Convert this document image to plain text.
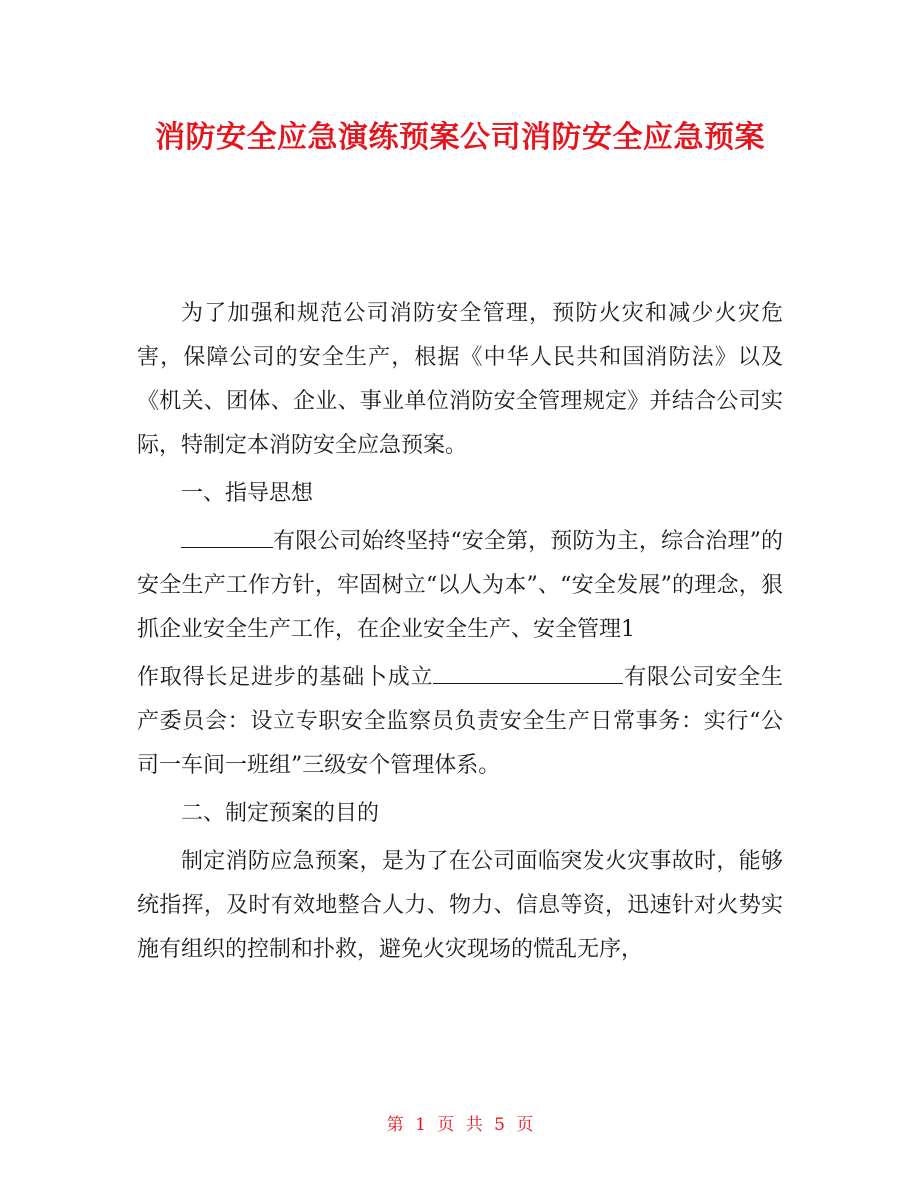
消防安全应急演练预案公司消防安全应急预案

为了加强和规范公司消防安全管理，预防火灾和减少火灾危害，保障公司的安全生产，根据《中华人民共和国消防法》以及《机关、团体、企业、事业单位消防安全管理规定》并结合公司实际，特制定本消防安全应急预案。

一、指导思想

有限公司始终坚持“安全第，预防为主，综合治理”的安全生产工作方针，牢固树立“以人为本”、“安全发展”的理念，狠抓企业安全生产工作，在企业安全生产、安全管理1

作取得长足进步的基础卜成立	有限公司安全生产委员会：设立专职安全监察员负责安全生产日常事务：实行“公司一车间一班组”三级安个管理体系。

二、制定预案的目的

制定消防应急预案，是为了在公司面临突发火灾事故时，能够统指挥，及时有效地整合人力、物力、信息等资，迅速针对火势实施有组织的控制和扑救，避免火灾现场的慌乱无序，

第 1 页 共 5 页
